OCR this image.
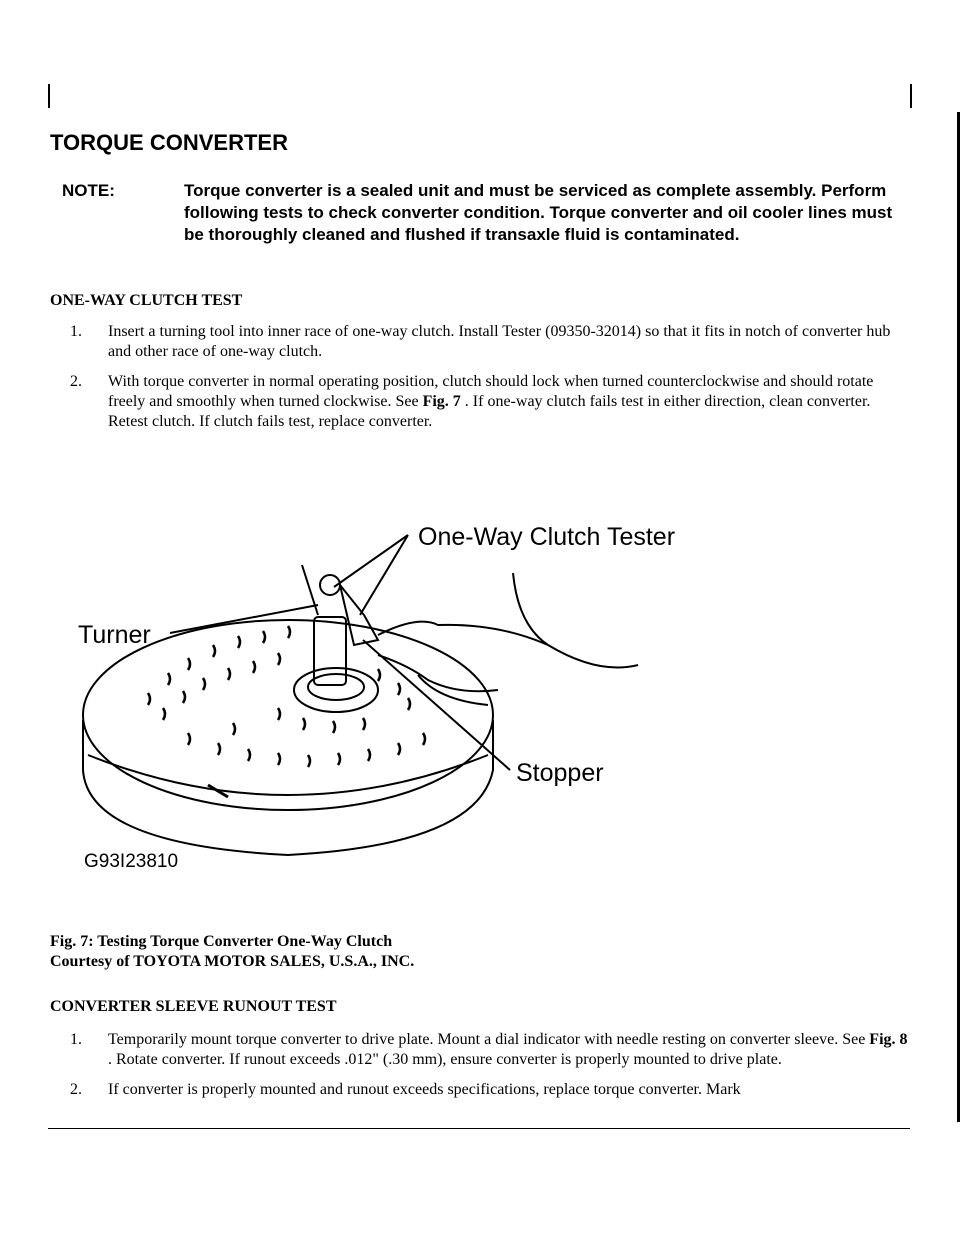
TORQUE CONVERTER
NOTE:	Torque converter is a sealed unit and must be serviced as complete assembly. Perform following tests to check converter condition. Torque converter and oil cooler lines must be thoroughly cleaned and flushed if transaxle fluid is contaminated.
ONE-WAY CLUTCH TEST
1. Insert a turning tool into inner race of one-way clutch. Install Tester (09350-32014) so that it fits in notch of converter hub and other race of one-way clutch.
2. With torque converter in normal operating position, clutch should lock when turned counterclockwise and should rotate freely and smoothly when turned clockwise. See Fig. 7 . If one-way clutch fails test in either direction, clean converter. Retest clutch. If clutch fails test, replace converter.
One-Way Clutch Tester
Turner
Stopper
G93I23810
Fig. 7: Testing Torque Converter One-Way Clutch
Courtesy of TOYOTA MOTOR SALES, U.S.A., INC.
CONVERTER SLEEVE RUNOUT TEST
1. Temporarily mount torque converter to drive plate. Mount a dial indicator with needle resting on converter sleeve. See Fig. 8 . Rotate converter. If runout exceeds .012" (.30 mm), ensure converter is properly mounted to drive plate.
2. If converter is properly mounted and runout exceeds specifications, replace torque converter. Mark
